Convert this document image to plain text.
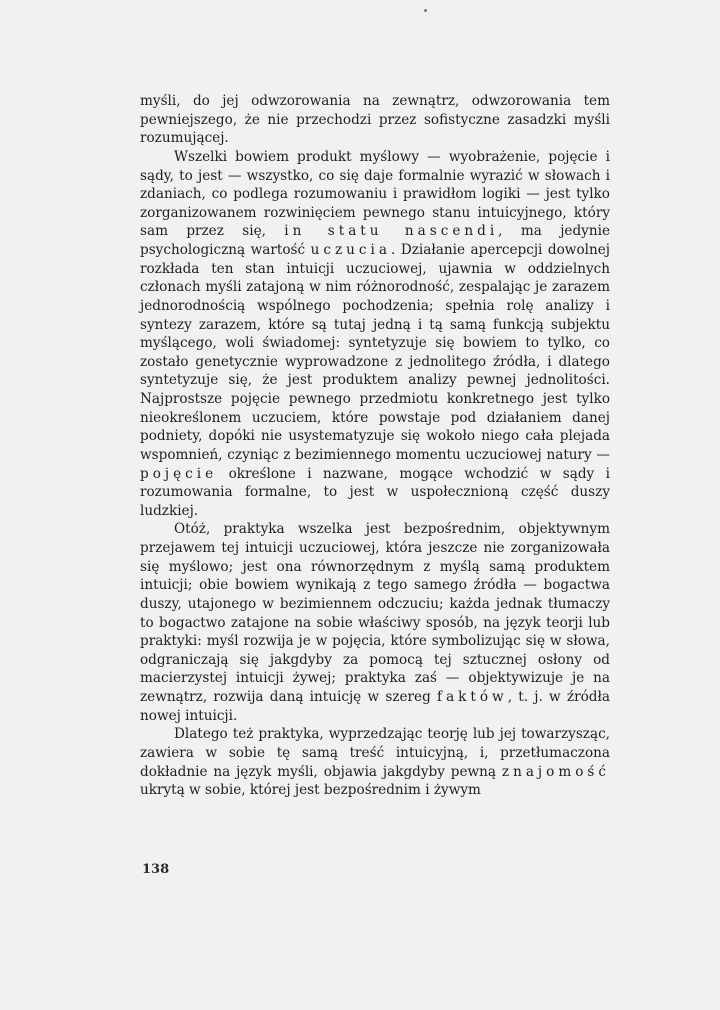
myśli, do jej odwzorowania na zewnątrz, odwzorowania tem pewniejszego, że nie przechodzi przez sofistyczne zasadzki myśli rozumującej.

Wszelki bowiem produkt myślowy — wyobrażenie, pojęcie i sądy, to jest — wszystko, co się daje formalnie wyrazić w słowach i zdaniach, co podlega rozumowaniu i prawidłom logiki — jest tylko zorganizowanem rozwinięciem pewnego stanu intuicyjnego, który sam przez się, in statu nascendi, ma jedynie psychologiczną wartość uczucia. Działanie apercepcji dowolnej rozkłada ten stan intuicji uczuciowej, ujawnia w oddzielnych członach myśli zatajoną w nim różnorodność, zespalając je zarazem jednorodnością wspólnego pochodzenia; spełnia rolę analizy i syntezy zarazem, które są tutaj jedną i tą samą funkcją subjektu myślącego, woli świadomej: syntetyzuje się bowiem to tylko, co zostało genetycznie wyprowadzone z jednolitego źródła, i dlatego syntetyzuje się, że jest produktem analizy pewnej jednolitości. Najprostsze pojęcie pewnego przedmiotu konkretnego jest tylko nieokreślonem uczuciem, które powstaje pod działaniem danej podniety, dopóki nie usystematyzuje się wokoło niego cała plejada wspomnień, czyniąc z bezimiennego momentu uczuciowej natury — pojęcie określone i nazwane, mogące wchodzić w sądy i rozumowania formalne, to jest w uspołecznioną część duszy ludzkiej.

Otóż, praktyka wszelka jest bezpośrednim, objektywnym przejawem tej intuicji uczuciowej, która jeszcze nie zorganizowała się myślowo; jest ona równorzędnym z myślą samą produktem intuicji; obie bowiem wynikają z tego samego źródła — bogactwa duszy, utajonego w bezimiennem odczuciu; każda jednak tłumaczy to bogactwo zatajone na sobie właściwy sposób, na język teorji lub praktyki: myśl rozwija je w pojęcia, które symbolizując się w słowa, odgraniczają się jakgdyby za pomocą tej sztucznej osłony od macierzystej intuicji żywej; praktyka zaś — objektywizuje je na zewnątrz, rozwija daną intuicję w szereg faktów, t. j. w źródła nowej intuicji.

Dlatego też praktyka, wyprzedzając teorję lub jej towarzysząc, zawiera w sobie tę samą treść intuicyjną, i, przetłumaczona dokładnie na język myśli, objawia jakgdyby pewną znajomość ukrytą w sobie, której jest bezpośrednim i żywym

138
